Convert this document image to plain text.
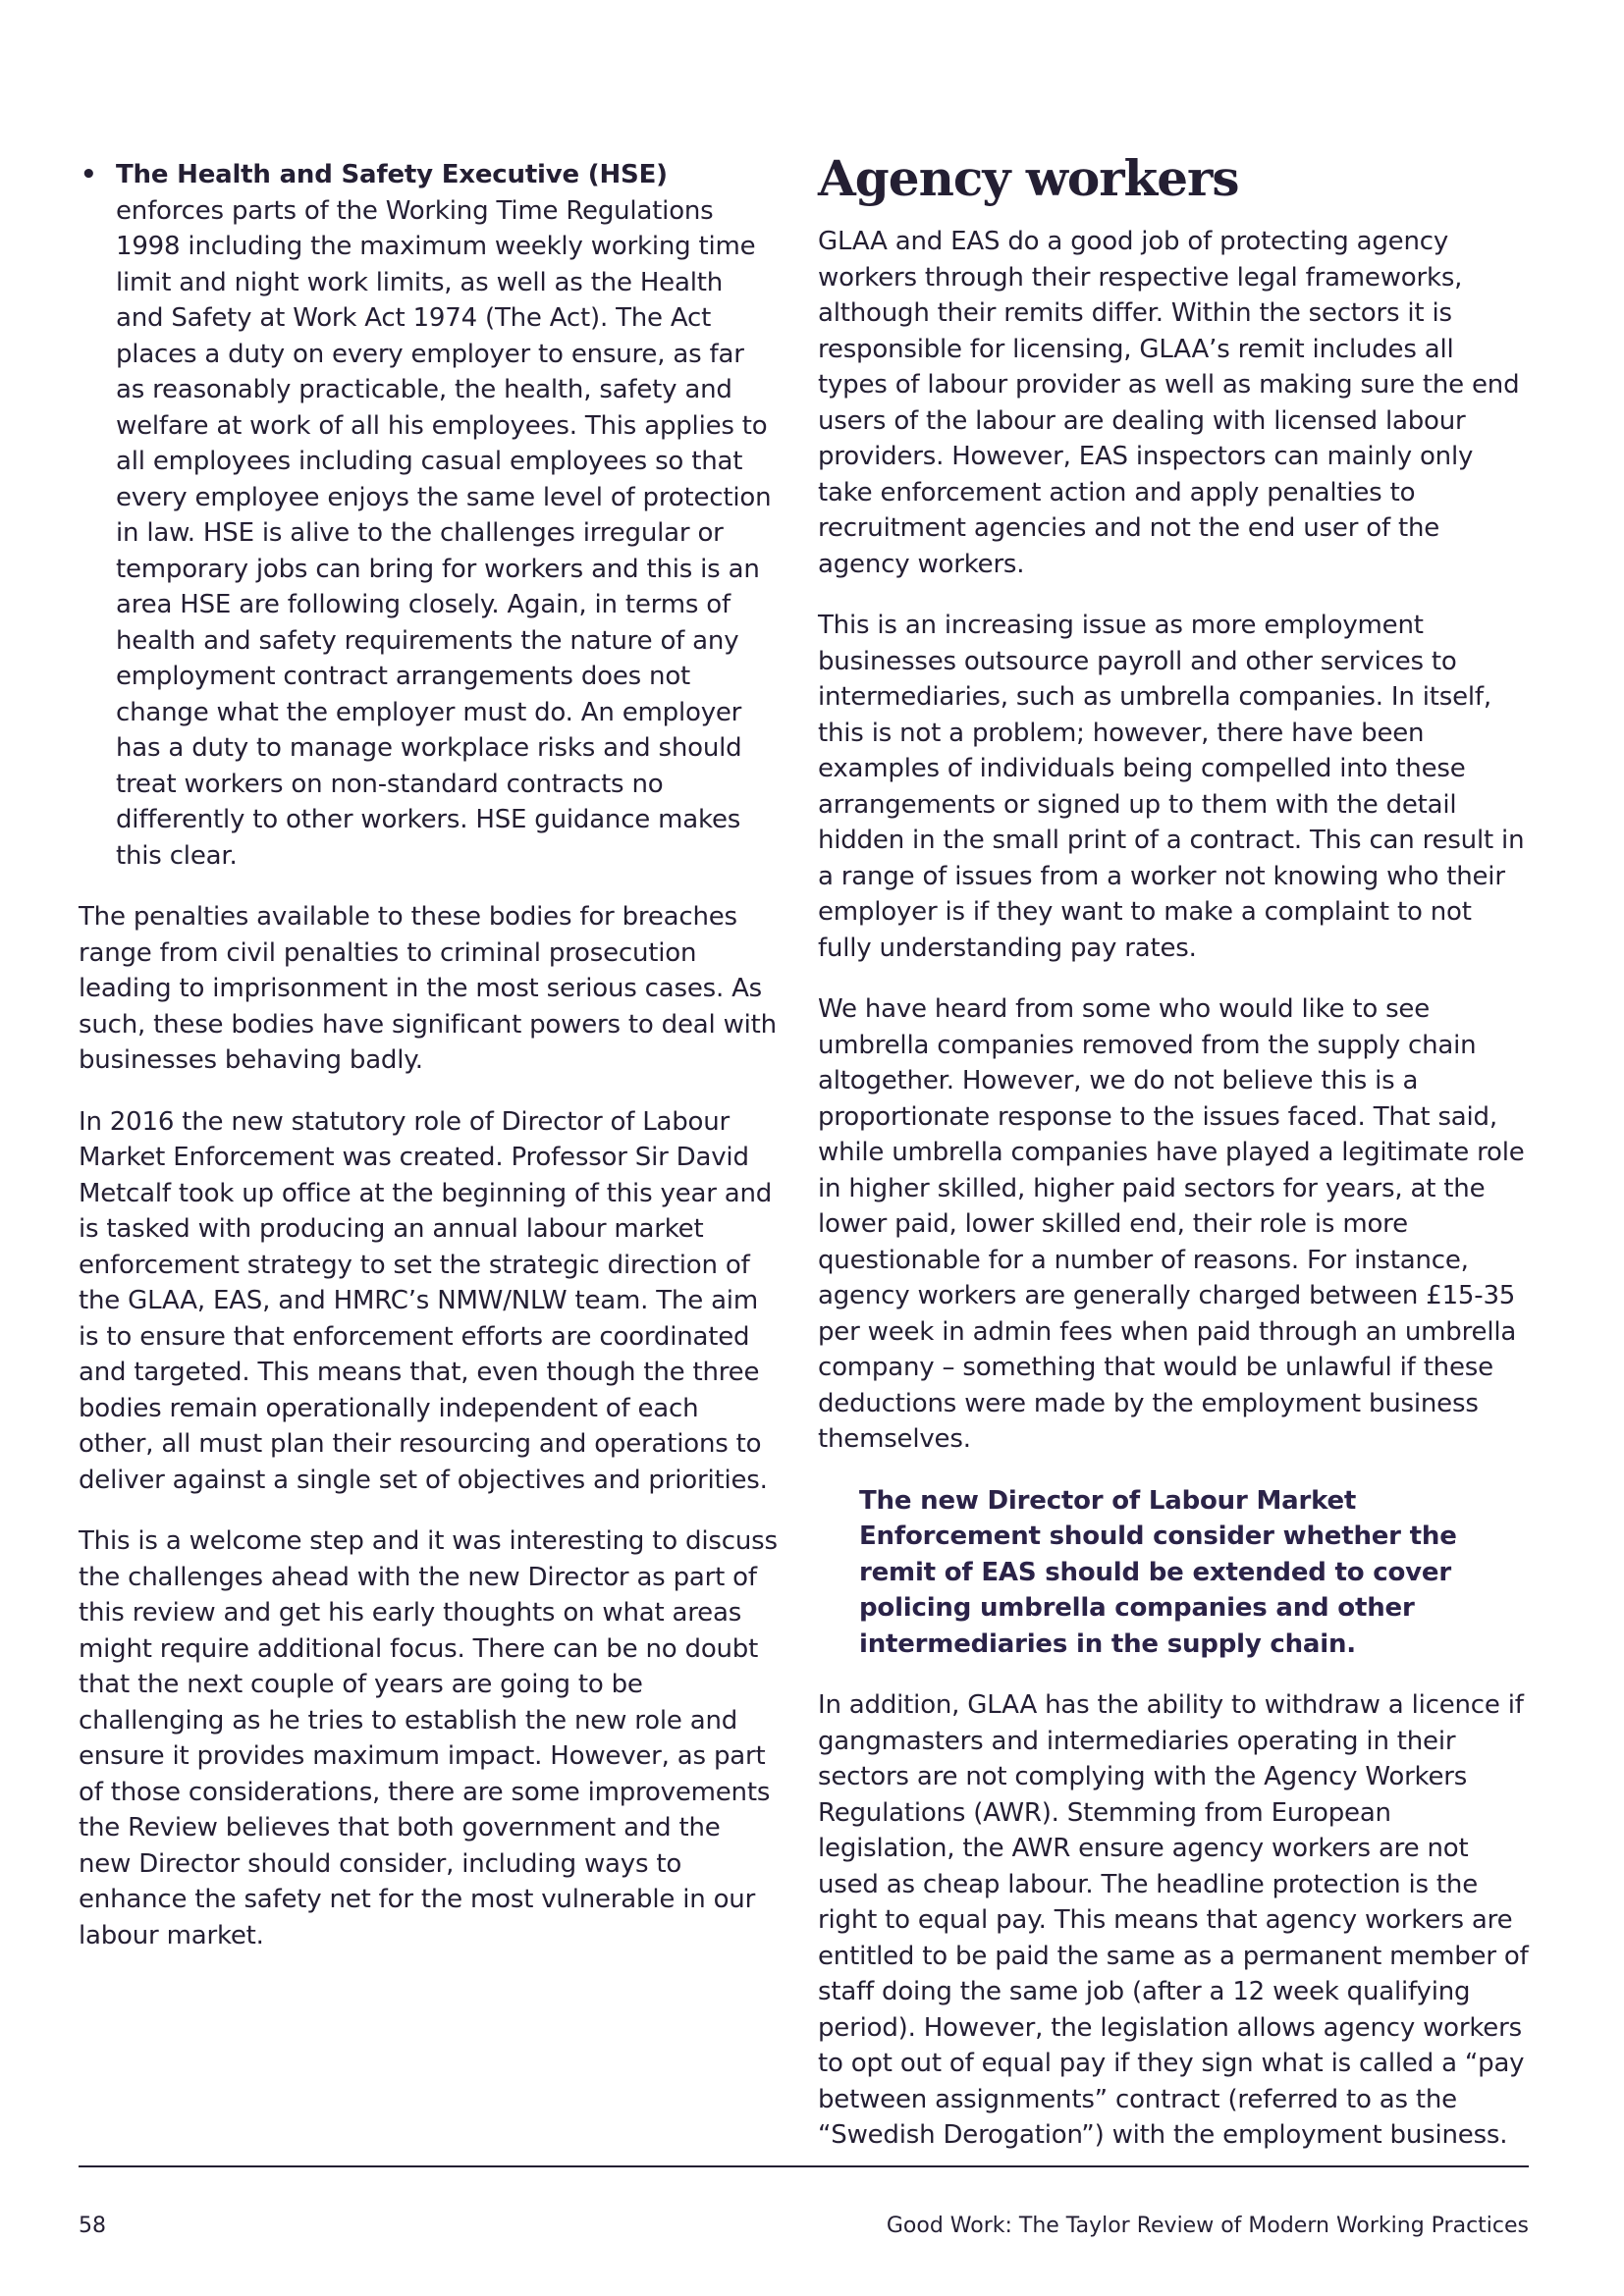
• The Health and Safety Executive (HSE) enforces parts of the Working Time Regulations 1998 including the maximum weekly working time limit and night work limits, as well as the Health and Safety at Work Act 1974 (The Act). The Act places a duty on every employer to ensure, as far as reasonably practicable, the health, safety and welfare at work of all his employees. This applies to all employees including casual employees so that every employee enjoys the same level of protection in law. HSE is alive to the challenges irregular or temporary jobs can bring for workers and this is an area HSE are following closely. Again, in terms of health and safety requirements the nature of any employment contract arrangements does not change what the employer must do. An employer has a duty to manage workplace risks and should treat workers on non-standard contracts no differently to other workers. HSE guidance makes this clear.

The penalties available to these bodies for breaches range from civil penalties to criminal prosecution leading to imprisonment in the most serious cases. As such, these bodies have significant powers to deal with businesses behaving badly.

In 2016 the new statutory role of Director of Labour Market Enforcement was created. Professor Sir David Metcalf took up office at the beginning of this year and is tasked with producing an annual labour market enforcement strategy to set the strategic direction of the GLAA, EAS, and HMRC’s NMW/NLW team. The aim is to ensure that enforcement efforts are coordinated and targeted. This means that, even though the three bodies remain operationally independent of each other, all must plan their resourcing and operations to deliver against a single set of objectives and priorities.

This is a welcome step and it was interesting to discuss the challenges ahead with the new Director as part of this review and get his early thoughts on what areas might require additional focus. There can be no doubt that the next couple of years are going to be challenging as he tries to establish the new role and ensure it provides maximum impact. However, as part of those considerations, there are some improvements the Review believes that both government and the new Director should consider, including ways to enhance the safety net for the most vulnerable in our labour market.

Agency workers

GLAA and EAS do a good job of protecting agency workers through their respective legal frameworks, although their remits differ. Within the sectors it is responsible for licensing, GLAA’s remit includes all types of labour provider as well as making sure the end users of the labour are dealing with licensed labour providers. However, EAS inspectors can mainly only take enforcement action and apply penalties to recruitment agencies and not the end user of the agency workers.

This is an increasing issue as more employment businesses outsource payroll and other services to intermediaries, such as umbrella companies. In itself, this is not a problem; however, there have been examples of individuals being compelled into these arrangements or signed up to them with the detail hidden in the small print of a contract. This can result in a range of issues from a worker not knowing who their employer is if they want to make a complaint to not fully understanding pay rates.

We have heard from some who would like to see umbrella companies removed from the supply chain altogether. However, we do not believe this is a proportionate response to the issues faced. That said, while umbrella companies have played a legitimate role in higher skilled, higher paid sectors for years, at the lower paid, lower skilled end, their role is more questionable for a number of reasons. For instance, agency workers are generally charged between £15-35 per week in admin fees when paid through an umbrella company – something that would be unlawful if these deductions were made by the employment business themselves.

The new Director of Labour Market Enforcement should consider whether the remit of EAS should be extended to cover policing umbrella companies and other intermediaries in the supply chain.

In addition, GLAA has the ability to withdraw a licence if gangmasters and intermediaries operating in their sectors are not complying with the Agency Workers Regulations (AWR). Stemming from European legislation, the AWR ensure agency workers are not used as cheap labour. The headline protection is the right to equal pay. This means that agency workers are entitled to be paid the same as a permanent member of staff doing the same job (after a 12 week qualifying period). However, the legislation allows agency workers to opt out of equal pay if they sign what is called a “pay between assignments” contract (referred to as the “Swedish Derogation”) with the employment business.

58	Good Work: The Taylor Review of Modern Working Practices
